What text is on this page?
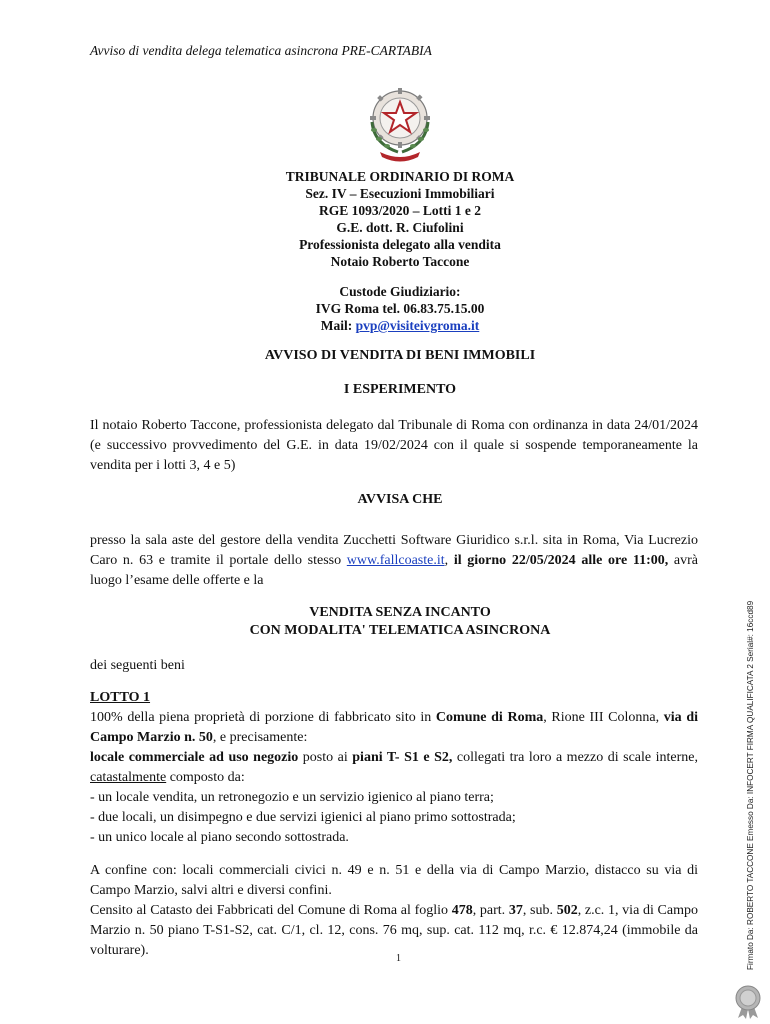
Avviso di vendita delega telematica asincrona PRE-CARTABIA
TRIBUNALE ORDINARIO DI ROMA
Sez. IV – Esecuzioni Immobiliari
RGE 1093/2020 – Lotti 1 e 2
G.E. dott. R. Ciufolini
Professionista delegato alla vendita
Notaio Roberto Taccone
Custode Giudiziario:
IVG Roma tel. 06.83.75.15.00
Mail: pvp@visiteivgroma.it
AVVISO DI VENDITA DI BENI IMMOBILI
I ESPERIMENTO
Il notaio Roberto Taccone, professionista delegato dal Tribunale di Roma con ordinanza in data 24/01/2024 (e successivo provvedimento del G.E. in data 19/02/2024 con il quale si sospende temporaneamente la vendita per i lotti 3, 4 e 5)
AVVISA CHE
presso la sala aste del gestore della vendita Zucchetti Software Giuridico s.r.l. sita in Roma, Via Lucrezio Caro n. 63 e tramite il portale dello stesso www.fallcoaste.it, il giorno 22/05/2024 alle ore 11:00, avrà luogo l’esame delle offerte e la
VENDITA SENZA INCANTO
CON MODALITA' TELEMATICA ASINCRONA
dei seguenti beni
LOTTO 1
100% della piena proprietà di porzione di fabbricato sito in Comune di Roma, Rione III Colonna, via di Campo Marzio n. 50, e precisamente:
locale commerciale ad uso negozio posto ai piani T- S1 e S2, collegati tra loro a mezzo di scale interne, catastalmente composto da:
- un locale vendita, un retronegozio e un servizio igienico al piano terra;
- due locali, un disimpegno e due servizi igienici al piano primo sottostrada;
- un unico locale al piano secondo sottostrada.
A confine con: locali commerciali civici n. 49 e n. 51 e della via di Campo Marzio, distacco su via di Campo Marzio, salvi altri e diversi confini.
Censito al Catasto dei Fabbricati del Comune di Roma al foglio 478, part. 37, sub. 502, z.c. 1, via di Campo Marzio n. 50 piano T-S1-S2, cat. C/1, cl. 12, cons. 76 mq, sup. cat. 112 mq, r.c. € 12.874,24 (immobile da volturare).
1	Firmato Da: ROBERTO TACCONE Emesso Da: INFOCERT FIRMA QUALIFICATA 2 Serial#: 16ccd89
